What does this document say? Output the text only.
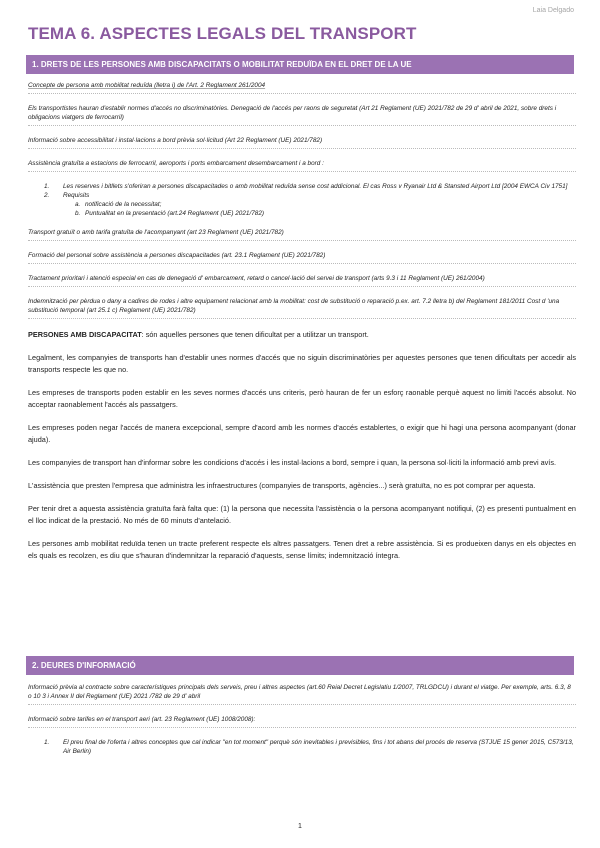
Laia Delgado
TEMA 6. ASPECTES LEGALS DEL TRANSPORT
1. DRETS DE LES PERSONES AMB DISCAPACITATS O MOBILITAT REDUÏDA EN EL DRET DE LA UE
Concepte de persona amb mobilitat reduïda (lletra i) de l'Art. 2 Reglament 261/2004

Els transportistes hauran d'establir normes d'accés no discriminatòries. Denegació de l'accés per raons de seguretat (Art 21 Reglament (UE) 2021/782 de 29 d' abril de 2021, sobre drets i obligacions viatgers de ferrocarril)

Informació sobre accessibilitat i instal·lacions a bord prèvia sol·licitud (Art 22 Reglament (UE) 2021/782)

Assistència gratuïta a estacions de ferrocarril, aeroports i ports embarcament desembarcament i a bord :

1. Les reserves i bitllets s'oferiran a persones discapacitades o amb mobilitat reduïda sense cost addicional. El cas Ross v Ryanair Ltd & Stansted Airport Ltd [2004 EWCA Civ 1751]
2. Requisits
a. notificació de la necessitat;
b. Puntualitat en la presentació (art.24 Reglament (UE) 2021/782)

Transport gratuït o amb tarifa gratuïta de l'acompanyant (art 23 Reglament (UE) 2021/782)

Formació del personal sobre assistència a persones discapacitades (art. 23.1 Reglament (UE) 2021/782)

Tractament prioritari i atenció especial en cas de denegació d' embarcament, retard o cancel·lació del servei de transport (arts 9.3 i 11 Reglament (UE) 261/2004)

Indemnització per pèrdua o dany a cadires de rodes i altre equipament relacionat amb la mobilitat: cost de substitució o reparació p.ex. art. 7.2 lletra b) del Reglament 181/2011 Cost d 'una substitució temporal (art 25.1 c) Reglament (UE) 2021/782)

PERSONES AMB DISCAPACITAT: són aquelles persones que tenen dificultat per a utilitzar un transport.

Legalment, les companyies de transports han d'establir unes normes d'accés que no siguin discriminatòries per aquestes persones que tenen dificultats per accedir als transports respecte les que no.

Les empreses de transports poden establir en les seves normes d'accés uns criteris, però hauran de fer un esforç raonable perquè aquest no limiti l'accés absolut. No acceptar raonablement l'accés als passatgers.

Les empreses poden negar l'accés de manera excepcional, sempre d'acord amb les normes d'accés establertes, o exigir que hi hagi una persona acompanyant (donar ajuda).

Les companyies de transport han d'informar sobre les condicions d'accés i les instal·lacions a bord, sempre i quan, la persona sol·liciti la informació amb previ avís.

L'assistència que presten l'empresa que administra les infraestructures (companyies de transports, agències...) serà gratuïta, no es pot comprar per aquesta.

Per tenir dret a aquesta assistència gratuïta farà falta que: (1) la persona que necessita l'assistència o la persona acompanyant notifiqui, (2) es presenti puntualment en el lloc indicat de la prestació. No més de 60 minuts d'antelació.

Les persones amb mobilitat reduïda tenen un tracte preferent respecte els altres passatgers. Tenen dret a rebre assistència. Si es produeixen danys en els objectes en els quals es recolzen, es diu que s'hauran d'indemnitzar la reparació d'aquests, sense límits; indemnització íntegra.

2. DEURES D'INFORMACIÓ

Informació prèvia al contracte sobre característiques principals dels serveis, preu i altres aspectes (art.60 Reial Decret Legislatiu 1/2007, TRLGDCU) i durant el viatge. Per exemple, arts. 6.3, 8 o 10 3 i Annex II del Reglament (UE) 2021 /782 de 29 d' abril

Informació sobre tarifes en el transport aeri (art. 23 Reglament (UE) 1008/2008):

1. El preu final de l'oferta i altres conceptes que cal indicar "en tot moment" perquè són inevitables i previsibles, fins i tot abans del procés de reserva (STJUE 15 gener 2015, C573/13, Air Berlin)
1
